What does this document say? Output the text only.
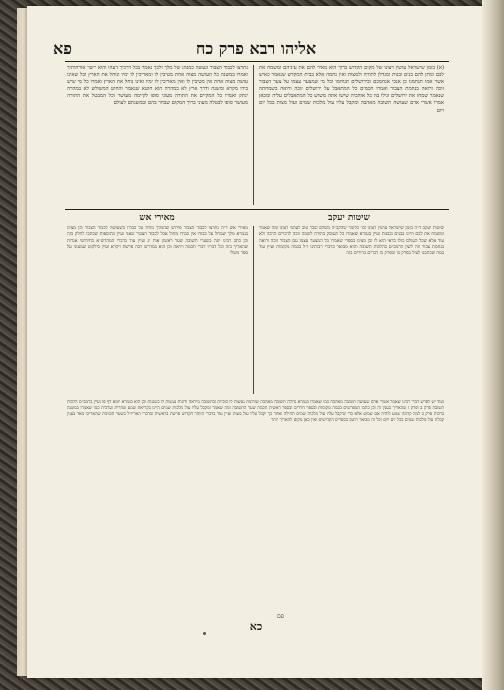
פא	אליהו רבא פרק כח
(א) בזמן שישראל עושין רצונו של מקום הקדוש ברוך הוא מאיר להם את עיניהם ומשמח את לבם ונותן להם בנים ובנות ומגדלן לתורה ולמצות ואין נחמה אלא בבית המקדש שנאמר כאיש אשר אמו תנחמנו כן אנכי אנחמכם ובירושלים תנוחמו וכל מי שמצער עצמו על צער הצבור זוכה ורואה בנחמת הצבור ואמרו חכמים כל המתאבל על ירושלים זוכה ורואה בשמחתה שנאמר שמחו את ירושלים וגילו בה כל אוהביה שישו אתה משוש כל המתאבלים עליה ומכאן אמרו אשרי אדם שעושה תשובה מאהבה ומקבל עליו עול מלכות שמים ועול מצות בכל יום ויום
נתרצו לכבוד הצבור ונעשה כמנהג של מלך ולכך נאמר בכל דרכיך דעהו והוא יישר אורחותיך ואמרו במשנה כל העושה מצוה אחת מטיבין לו ומאריכין לו ימיו ונוחל את הארץ וכל שאינו עושה מצוה אחת אין מטיבין לו ואין מאריכין לו ימיו ואינו נוחל את הארץ ואמרו כל מי שיש בידו מקרא ומשנה ודרך ארץ לא במהרה הוא חוטא שנאמר והחוט המשולש לא במהרה ינתק ואמרו כל המקיים את התורה מעוני סופו לקיימה מעושר וכל המבטל את התורה מעושר סופו לבטלה מעוני ברוך המקום שבחר בהם ובמשנתם לעולם
שיטות יעקב
מאירי אש
שיטות יעקב ד״ה בזמן שישראל עושין רצונו וכו׳ כלומר שהקב״ה משלם שכר טוב לעושי רצונו ומה שאמר ומשמח את לבם היינו בבנים ובבנות ועיין בגמרא שאמרו כל העוסק בתורה לשמה זוכה לדברים הרבה ולא עוד אלא שכל העולם כולו כדאי הוא לו וכן מצינו בספרי שאמרו כל המצער עצמו עם הצבור זוכה ורואה בנחמת צבור וזה לשון הרמב״ם בהלכות תשובה והוא מבואר בדברי רבותינו ז״ל בכמה מקומות ועיין עוד במה שכתבנו לעיל בפרק כו ובפרק כז דברים ברורים בזה
מאירי אש ד״ה נתרצו לכבוד הצבור פירוש שהמלך מוחל על כבודו כשעושה לכבוד הצבור וכן מצינו בגמרא מלך שמחל על כבודו אין כבודו מחול אבל לכבוד הצבור שאני ועיין בתוספות שכתבו לחלק בזה וכן כתב רבינו יונה בשערי תשובה שער ראשון אות יג ועיין עוד בדברי המהרש״א בחידושי אגדות שהאריך בזה וכל דבריו דברי חכמה ויראה וכן הוא במדרש רבה פרשת ויקרא ועיין בילקוט שמעוני על ספר משלי
ועוד יש לפרש דברי רבינו שאמר אשרי אדם שעושה תשובה מאהבה כמו שאמרו בגמרא גדולה תשובה מאהבה שזדונות נעשות לו כזכיות ובתשובה מיראה זדונות נעשות לו כשגגות וכן הוא בגמרא יומא דף פו ועיין ברמב״ם הלכות תשובה פרק ב ופרק ז שהאריך בענין זה וכן כתבו המפרשים בכמה מקומות ובספר חרדים ובספר ראשית חכמה שער התשובה ומה שאמר ומקבל עליו עול מלכות שמים היינו בקריאת שמע שחרית וערבית כמו שאמרו במשנה ברכות פרק ב למה קדמה שמע לוהיה אם שמוע אלא כדי שיקבל עליו עול מלכות שמים תחילה ואחר כך יקבל עליו עול מצות ועיין עוד בדברי הזוהר הקדוש פרשת בראשית ובדברי האריז״ל בשער הכוונות שהאריכו מאד בענין קבלת עול מלכות שמים בכל יום ויום וכל זה מבואר היטב בספרים הקדושים ואין כאן מקום להאריך יותר
כא
פם
